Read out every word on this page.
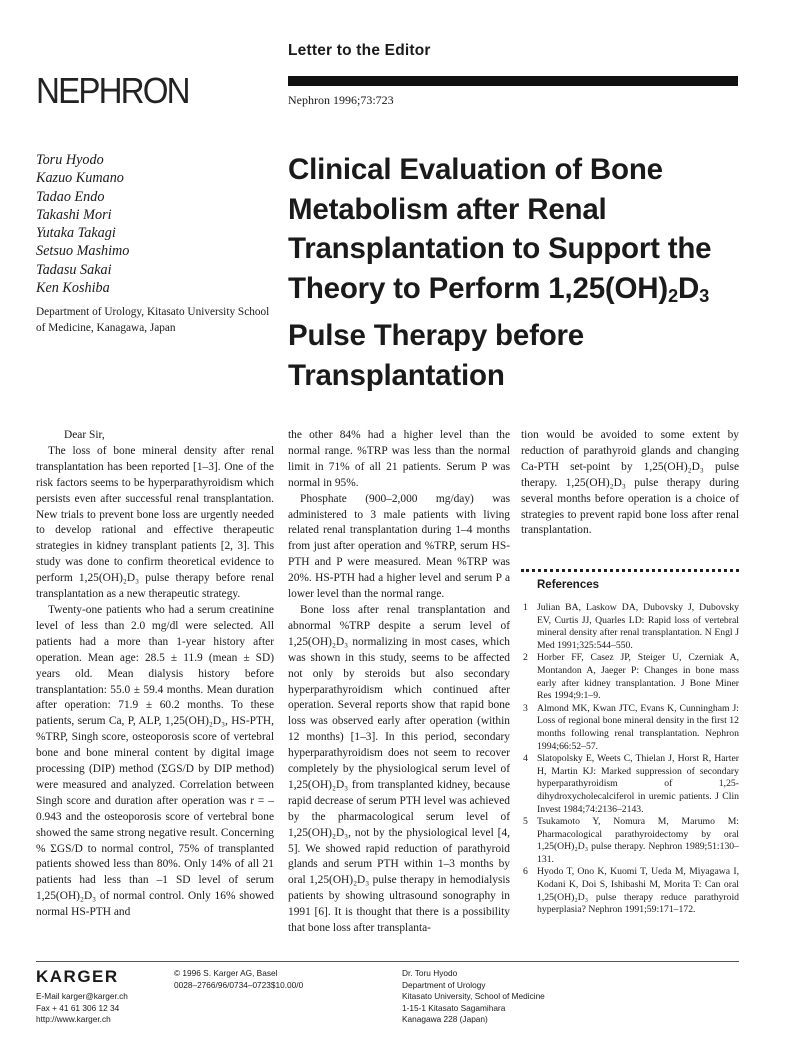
Letter to the Editor
NEPHRON	Nephron 1996;73:723
Toru Hyodo
Kazuo Kumano
Tadao Endo
Takashi Mori
Yutaka Takagi
Setsuo Mashimo
Tadasu Sakai
Ken Koshiba
Department of Urology, Kitasato University School of Medicine, Kanagawa, Japan
Clinical Evaluation of Bone Metabolism after Renal Transplantation to Support the Theory to Perform $1,25(OH)_2D_3$ Pulse Therapy before Transplantation

Dear Sir,

The loss of bone mineral density after renal transplantation has been reported [1–3]. One of the risk factors seems to be hyperparathyroidism which persists even after successful renal transplantation. New trials to prevent bone loss are urgently needed to develop rational and effective therapeutic strategies in kidney transplant patients [2, 3]. This study was done to confirm theoretical evidence to perform 1,25(OH)₂D₃ pulse therapy before renal transplantation as a new therapeutic strategy.

Twenty-one patients who had a serum creatinine level of less than 2.0 mg/dl were selected. All patients had a more than 1-year history after operation. Mean age: 28.5 ± 11.9 (mean ± SD) years old. Mean dialysis history before transplantation: 55.0 ± 59.4 months. Mean duration after operation: 71.9 ± 60.2 months. To these patients, serum Ca, P, ALP, 1,25(OH)₂D₃, HS-PTH, %TRP, Singh score, osteoporosis score of vertebral bone and bone mineral content by digital image processing (DIP) method (ΣGS/D by DIP method) were measured and analyzed. Correlation between Singh score and duration after operation was r = –0.943 and the osteoporosis score of vertebral bone showed the same strong negative result. Concerning % ΣGS/D to normal control, 75% of transplanted patients showed less than 80%. Only 14% of all 21 patients had less than –1 SD level of serum 1,25(OH)₂D₃ of normal control. Only 16% showed normal HS-PTH and

the other 84% had a higher level than the normal range. %TRP was less than the normal limit in 71% of all 21 patients. Serum P was normal in 95%.

Phosphate (900–2,000 mg/day) was administered to 3 male patients with living related renal transplantation during 1–4 months from just after operation and %TRP, serum HS-PTH and P were measured. Mean %TRP was 20%. HS-PTH had a higher level and serum P a lower level than the normal range.

Bone loss after renal transplantation and abnormal %TRP despite a serum level of 1,25(OH)₂D₃ normalizing in most cases, which was shown in this study, seems to be affected not only by steroids but also secondary hyperparathyroidism which continued after operation. Several reports show that rapid bone loss was observed early after operation (within 12 months) [1–3]. In this period, secondary hyperparathyroidism does not seem to recover completely by the physiological serum level of 1,25(OH)₂D₃ from transplanted kidney, because rapid decrease of serum PTH level was achieved by the pharmacological serum level of 1,25(OH)₂D₃, not by the physiological level [4, 5]. We showed rapid reduction of parathyroid glands and serum PTH within 1–3 months by oral 1,25(OH)₂D₃ pulse therapy in hemodialysis patients by showing ultrasound sonography in 1991 [6]. It is thought that there is a possibility that bone loss after transplanta-

tion would be avoided to some extent by reduction of parathyroid glands and changing Ca-PTH set-point by 1,25(OH)₂D₃ pulse therapy. 1,25(OH)₂D₃ pulse therapy during several months before operation is a choice of strategies to prevent rapid bone loss after renal transplantation.

References
1 Julian BA, Laskow DA, Dubovsky J, Dubovsky EV, Curtis JJ, Quarles LD: Rapid loss of vertebral mineral density after renal transplantation. N Engl J Med 1991;325:544–550.
2 Horber FF, Casez JP, Steiger U, Czerniak A, Montandon A, Jaeger P: Changes in bone mass early after kidney transplantation. J Bone Miner Res 1994;9:1–9.
3 Almond MK, Kwan JTC, Evans K, Cunningham J: Loss of regional bone mineral density in the first 12 months following renal transplantation. Nephron 1994;66:52–57.
4 Slatopolsky E, Weets C, Thielan J, Horst R, Harter H, Martin KJ: Marked suppression of secondary hyperparathyroidism of 1,25-dihydroxycholecalciferol in uremic patients. J Clin Invest 1984;74:2136–2143.
5 Tsukamoto Y, Nomura M, Marumo M: Pharmacological parathyroidectomy by oral 1,25(OH)₂D₃ pulse therapy. Nephron 1989;51:130–131.
6 Hyodo T, Ono K, Kuomi T, Ueda M, Miyagawa I, Kodani K, Doi S, Ishibashi M, Morita T: Can oral 1,25(OH)₂D₃ pulse therapy reduce parathyroid hyperplasia? Nephron 1991;59:171–172.
KARGER
E-Mail karger@karger.ch
Fax + 41 61 306 12 34
http://www.karger.ch
© 1996 S. Karger AG, Basel
0028–2766/96/0734–0723$10.00/0
Dr. Toru Hyodo
Department of Urology
Kitasato University, School of Medicine
1-15-1 Kitasato Sagamihara
Kanagawa 228 (Japan)
